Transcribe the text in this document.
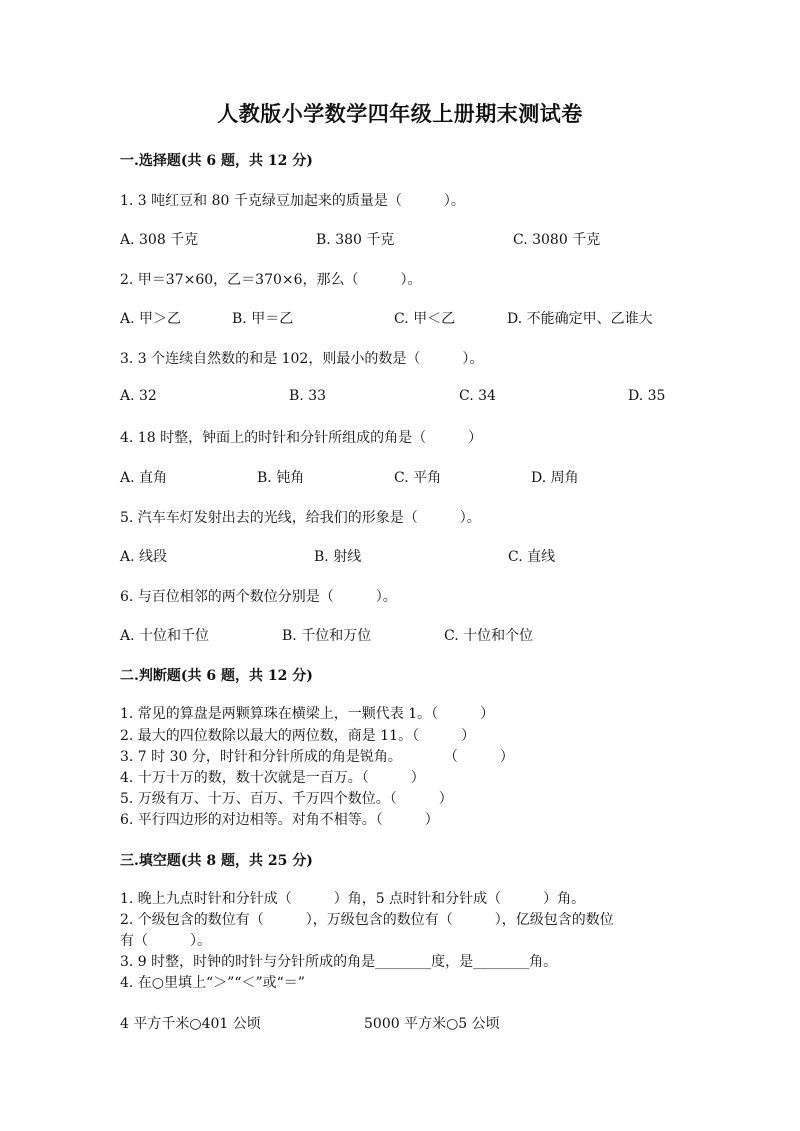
人教版小学数学四年级上册期末测试卷
一.选择题(共 6 题，共 12 分)
1. 3 吨红豆和 80 千克绿豆加起来的质量是（　　　）。
A. 308 千克	B. 380 千克	C. 3080 千克
2. 甲＝37×60，乙＝370×6，那么（　　　）。
A. 甲＞乙	B. 甲＝乙	C. 甲＜乙	D. 不能确定甲、乙谁大
3. 3 个连续自然数的和是 102，则最小的数是（　　　）。
A. 32	B. 33	C. 34	D. 35
4. 18 时整，钟面上的时针和分针所组成的角是（　　　）
A. 直角	B. 钝角	C. 平角	D. 周角
5. 汽车车灯发射出去的光线，给我们的形象是（　　　）。
A. 线段	B. 射线	C. 直线
6. 与百位相邻的两个数位分别是（　　　）。
A. 十位和千位	B. 千位和万位	C. 十位和个位
二.判断题(共 6 题，共 12 分)
1. 常见的算盘是两颗算珠在横梁上，一颗代表 1。（　　　）
2. 最大的四位数除以最大的两位数，商是 11。（　　　）
3. 7 时 30 分，时针和分针所成的角是锐角。　　　　（　　　）
4. 十万十万的数，数十次就是一百万。（　　　）
5. 万级有万、十万、百万、千万四个数位。（　　　）
6. 平行四边形的对边相等。对角不相等。（　　　）
三.填空题(共 8 题，共 25 分)
1. 晚上九点时针和分针成（　　　）角，5 点时针和分针成（　　　）角。
2. 个级包含的数位有（　　　），万级包含的数位有（　　　），亿级包含的数位
有（　　　）。
3. 9 时整，时钟的时针与分针所成的角是________度，是________角。
4. 在○里填上“＞”“＜”或“＝”
4 平方千米○401 公顷	5000 平方米○5 公顷
